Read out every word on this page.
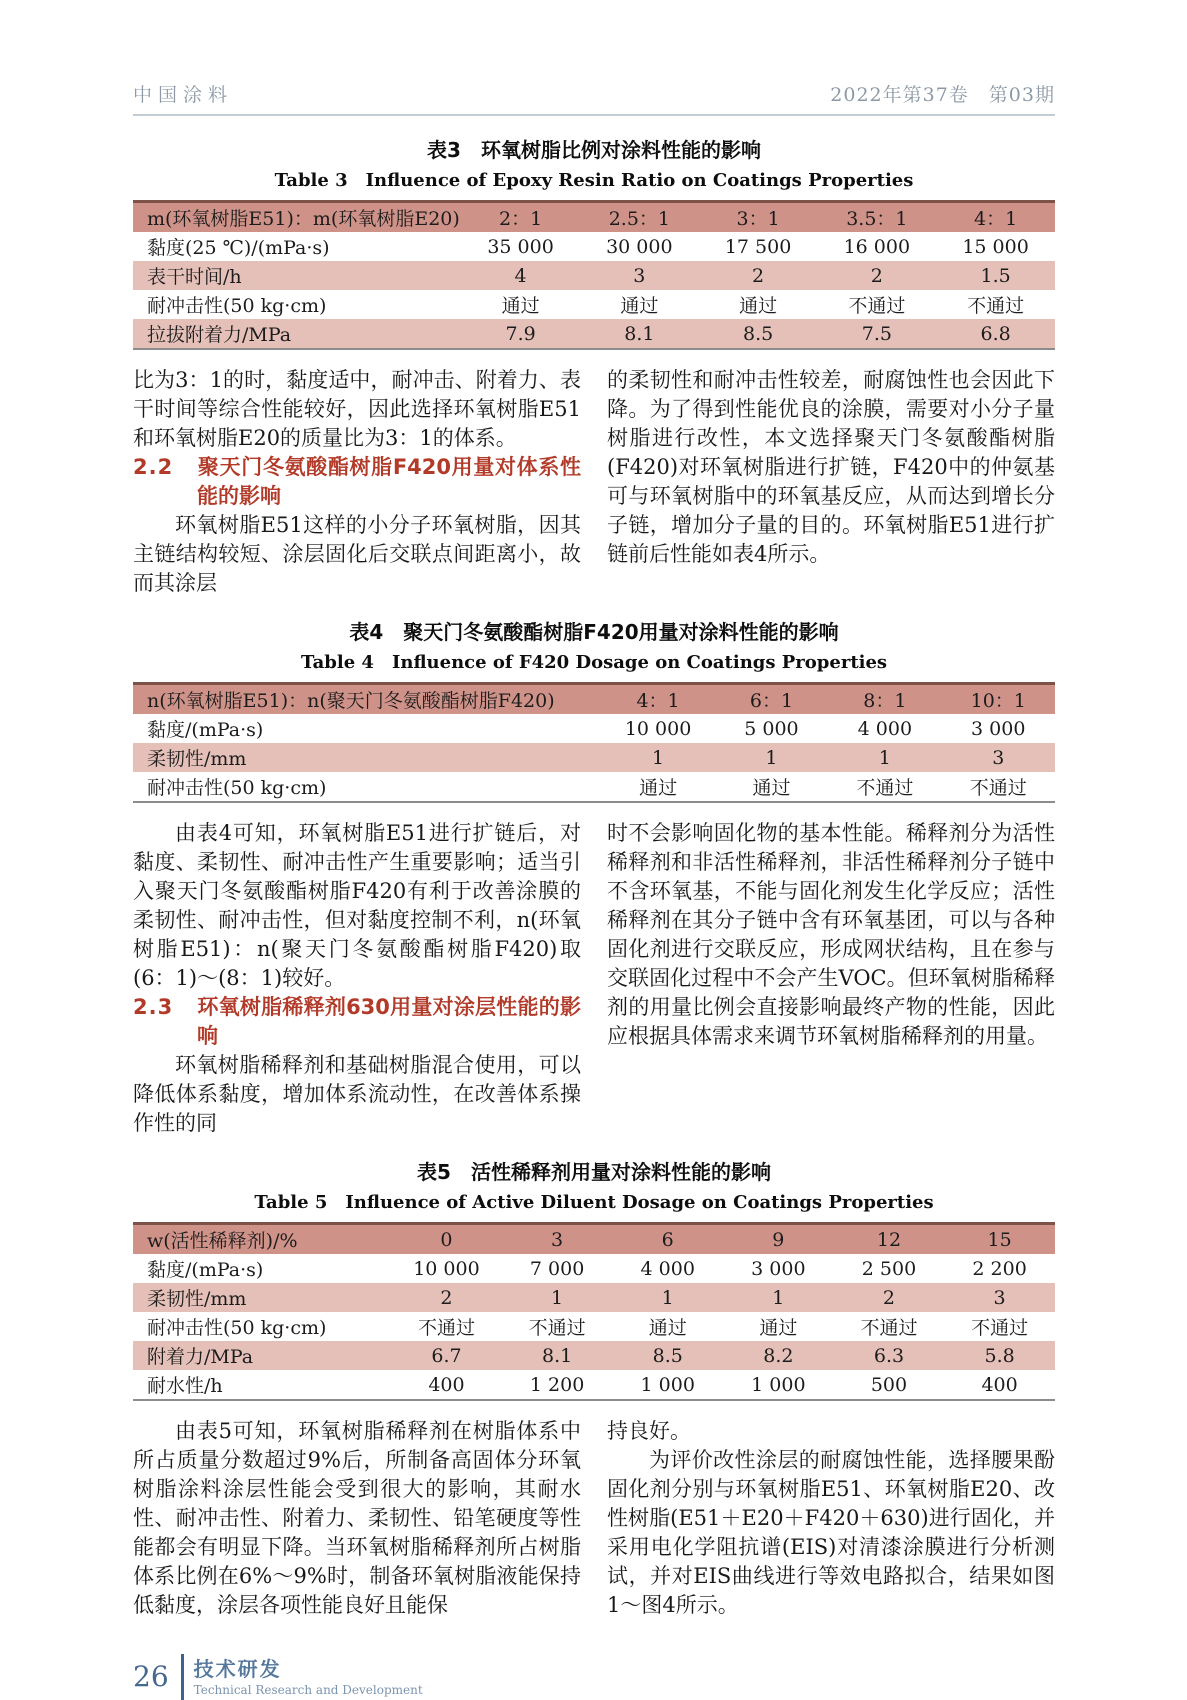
中国涂料	2022年第37卷　第03期
表3　环氧树脂比例对涂料性能的影响
Table 3　Influence of Epoxy Resin Ratio on Coatings Properties
m(环氧树脂E51)：m(环氧树脂E20)	2：1	2.5：1	3：1	3.5：1	4：1
黏度(25 ℃)/(mPa·s)	35 000	30 000	17 500	16 000	15 000
表干时间/h	4	3	2	2	1.5
耐冲击性(50 kg·cm)	通过	通过	通过	不通过	不通过
拉拔附着力/MPa	7.9	8.1	8.5	7.5	6.8
比为3：1的时，黏度适中，耐冲击、附着力、表干时间等综合性能较好，因此选择环氧树脂E51和环氧树脂E20的质量比为3：1的体系。
2.2 聚天门冬氨酸酯树脂F420用量对体系性能的影响
环氧树脂E51这样的小分子环氧树脂，因其主链结构较短、涂层固化后交联点间距离小，故而其涂层
的柔韧性和耐冲击性较差，耐腐蚀性也会因此下降。为了得到性能优良的涂膜，需要对小分子量树脂进行改性，本文选择聚天门冬氨酸酯树脂(F420)对环氧树脂进行扩链，F420中的仲氨基可与环氧树脂中的环氧基反应，从而达到增长分子链，增加分子量的目的。环氧树脂E51进行扩链前后性能如表4所示。
表4　聚天门冬氨酸酯树脂F420用量对涂料性能的影响
Table 4　Influence of F420 Dosage on Coatings Properties
n(环氧树脂E51)：n(聚天门冬氨酸酯树脂F420)	4：1	6：1	8：1	10：1
黏度/(mPa·s)	10 000	5 000	4 000	3 000
柔韧性/mm	1	1	1	3
耐冲击性(50 kg·cm)	通过	通过	不通过	不通过
由表4可知，环氧树脂E51进行扩链后，对黏度、柔韧性、耐冲击性产生重要影响；适当引入聚天门冬氨酸酯树脂F420有利于改善涂膜的柔韧性、耐冲击性，但对黏度控制不利，n(环氧树脂E51)：n(聚天门冬氨酸酯树脂F420)取(6：1)～(8：1)较好。
2.3 环氧树脂稀释剂630用量对涂层性能的影响
环氧树脂稀释剂和基础树脂混合使用，可以降低体系黏度，增加体系流动性，在改善体系操作性的同
时不会影响固化物的基本性能。稀释剂分为活性稀释剂和非活性稀释剂，非活性稀释剂分子链中不含环氧基，不能与固化剂发生化学反应；活性稀释剂在其分子链中含有环氧基团，可以与各种固化剂进行交联反应，形成网状结构，且在参与交联固化过程中不会产生VOC。但环氧树脂稀释剂的用量比例会直接影响最终产物的性能，因此应根据具体需求来调节环氧树脂稀释剂的用量。
表5　活性稀释剂用量对涂料性能的影响
Table 5　Influence of Active Diluent Dosage on Coatings Properties
w(活性稀释剂)/%	0	3	6	9	12	15
黏度/(mPa·s)	10 000	7 000	4 000	3 000	2 500	2 200
柔韧性/mm	2	1	1	1	2	3
耐冲击性(50 kg·cm)	不通过	不通过	通过	通过	不通过	不通过
附着力/MPa	6.7	8.1	8.5	8.2	6.3	5.8
耐水性/h	400	1 200	1 000	1 000	500	400
由表5可知，环氧树脂稀释剂在树脂体系中所占质量分数超过9%后，所制备高固体分环氧树脂涂料涂层性能会受到很大的影响，其耐水性、耐冲击性、附着力、柔韧性、铅笔硬度等性能都会有明显下降。当环氧树脂稀释剂所占树脂体系比例在6%～9%时，制备环氧树脂液能保持低黏度，涂层各项性能良好且能保
持良好。
为评价改性涂层的耐腐蚀性能，选择腰果酚固化剂分别与环氧树脂E51、环氧树脂E20、改性树脂(E51＋E20＋F420＋630)进行固化，并采用电化学阻抗谱(EIS)对清漆涂膜进行分析测试，并对EIS曲线进行等效电路拟合，结果如图1～图4所示。
26 技术研发
Technical Research and Development
